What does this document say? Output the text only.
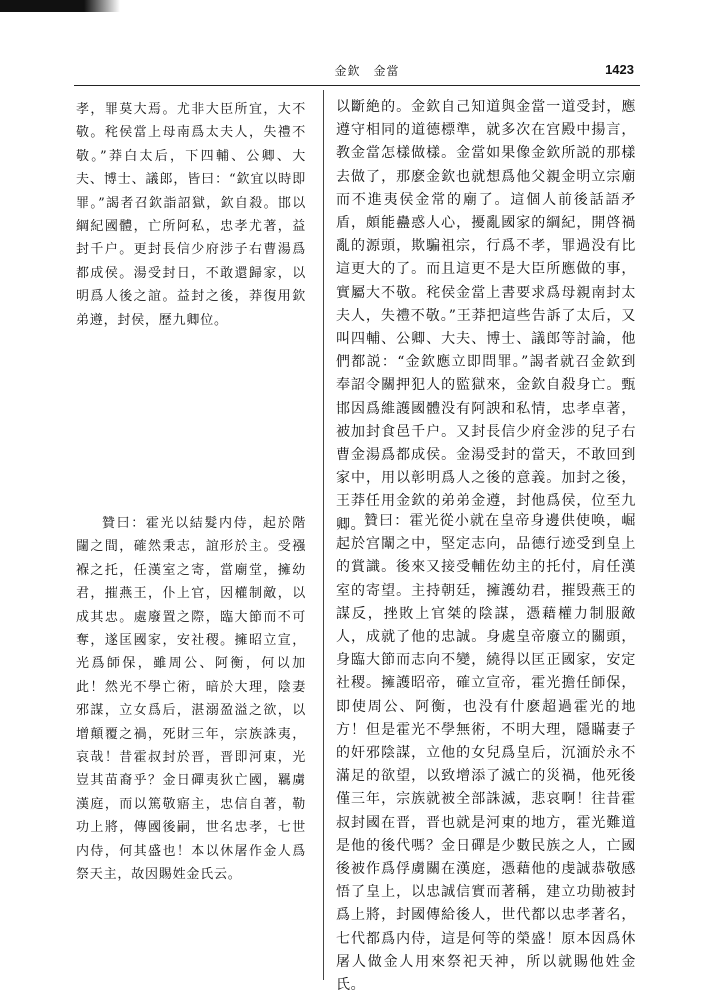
金欽　金當	1423
孝，罪莫大焉。尤非大臣所宜，大不敬。秺侯當上母南爲太夫人，失禮不敬。”莽白太后，下四輔、公卿、大夫、博士、議郎，皆曰：“欽宜以時即罪。”謁者召欽詣詔獄，欽自殺。邯以綱紀國體，亡所阿私，忠孝尤著，益封千户。更封長信少府涉子右曹湯爲都成侯。湯受封日，不敢還歸家，以明爲人後之誼。益封之後，莽復用欽弟遵，封侯，歷九卿位。
以斷絶的。金欽自己知道與金當一道受封，應遵守相同的道德標準，就多次在宫殿中揚言，教金當怎樣做樣。金當如果像金欽所説的那樣去做了，那麽金欽也就想爲他父親金明立宗廟而不進夷侯金常的廟了。這個人前後話語矛盾，頗能蠱惑人心，擾亂國家的綱紀，開啓禍亂的源頭，欺騙祖宗，行爲不孝，罪過没有比這更大的了。而且這更不是大臣所應做的事，實屬大不敬。秺侯金當上書要求爲母親南封太夫人，失禮不敬。”王莽把這些告訴了太后，又叫四輔、公卿、大夫、博士、議郎等討論，他們都説：“金欽應立即問罪。”謁者就召金欽到奉詔令關押犯人的監獄來，金欽自殺身亡。甄邯因爲維護國體没有阿諛和私情，忠孝卓著，被加封食邑千户。又封長信少府金涉的兒子右曹金湯爲都成侯。金湯受封的當天，不敢回到家中，用以彰明爲人之後的意義。加封之後，王莽任用金欽的弟弟金遵，封他爲侯，位至九卿。
贊曰：霍光以結髮内侍，起於階闥之間，確然秉志，誼形於主。受襁褓之托，任漢室之寄，當廟堂，擁幼君，摧燕王，仆上官，因權制敵，以成其忠。處廢置之際，臨大節而不可奪，遂匡國家，安社稷。擁昭立宣，光爲師保，雖周公、阿衡，何以加此！然光不學亡術，暗於大理，陰妻邪謀，立女爲后，湛溺盈溢之欲，以增顛覆之禍，死財三年，宗族誅夷，哀哉！昔霍叔封於晋，晋即河東，光豈其苗裔乎？金日磾夷狄亡國，羈虜漢庭，而以篤敬寤主，忠信自著，勒功上將，傳國後嗣，世名忠孝，七世内侍，何其盛也！本以休屠作金人爲祭天主，故因賜姓金氏云。
贊曰：霍光從小就在皇帝身邊供使唤，崛起於宫闈之中，堅定志向，品德行迹受到皇上的賞識。後來又接受輔佐幼主的托付，肩任漢室的寄望。主持朝廷，擁護幼君，摧毁燕王的謀反，挫敗上官桀的陰謀，憑藉權力制服敵人，成就了他的忠誠。身處皇帝廢立的關頭，身臨大節而志向不變，繞得以匡正國家，安定社稷。擁護昭帝，確立宣帝，霍光擔任師保，即使周公、阿衡，也没有什麽超過霍光的地方！但是霍光不學無術，不明大理，隱瞞妻子的奸邪陰謀，立他的女兒爲皇后，沉湎於永不滿足的欲望，以致增添了滅亡的災禍，他死後僅三年，宗族就被全部誅滅，悲哀啊！往昔霍叔封國在晋，晋也就是河東的地方，霍光難道是他的後代嗎？金日磾是少數民族之人，亡國後被作爲俘虜關在漢庭，憑藉他的虔誠恭敬感悟了皇上，以忠誠信實而著稱，建立功勛被封爲上將，封國傳給後人，世代都以忠孝著名，七代都爲内侍，這是何等的榮盛！原本因爲休屠人做金人用來祭祀天神，所以就賜他姓金氏。
